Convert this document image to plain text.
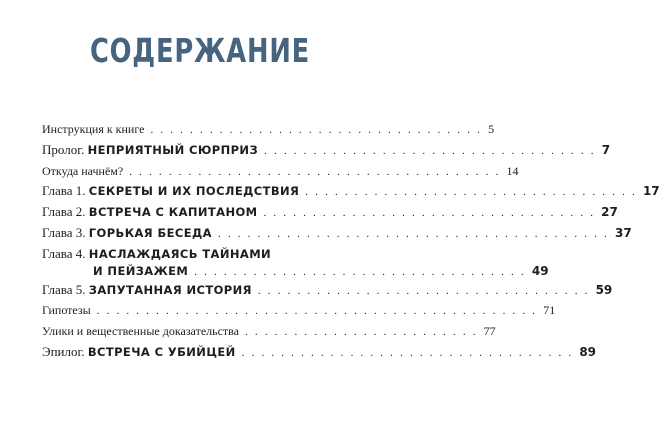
СОДЕРЖАНИЕ
Инструкция к книге . . . . . . . . . . . . . . . . . . . . . . . . . . . . . . . . . . 5
Пролог. НЕПРИЯТНЫЙ СЮРПРИЗ . . . . . . . . . . . . . . . . . . . . . . . . . . . . . . . . . . 7
Откуда начнём? . . . . . . . . . . . . . . . . . . . . . . . . . . . . . . . . . . . . . . 14
Глава 1. СЕКРЕТЫ И ИХ ПОСЛЕДСТВИЯ . . . . . . . . . . . . . . . . . . . . . . . . . . . . . . . . . . 17
Глава 2. ВСТРЕЧА С КАПИТАНОМ . . . . . . . . . . . . . . . . . . . . . . . . . . . . . . . . . . 27
Глава 3. ГОРЬКАЯ БЕСЕДА . . . . . . . . . . . . . . . . . . . . . . . . . . . . . . . . . . . . . . . . 37
Глава 4. НАСЛАЖДАЯСЬ ТАЙНАМИ
И ПЕЙЗАЖЕМ . . . . . . . . . . . . . . . . . . . . . . . . . . . . . . . . . . 49
Глава 5. ЗАПУТАННАЯ ИСТОРИЯ . . . . . . . . . . . . . . . . . . . . . . . . . . . . . . . . . . 59
Гипотезы . . . . . . . . . . . . . . . . . . . . . . . . . . . . . . . . . . . . . . . . . . . . . 71
Улики и вещественные доказательства . . . . . . . . . . . . . . . . . . . . . . . . 77
Эпилог. ВСТРЕЧА С УБИЙЦЕЙ . . . . . . . . . . . . . . . . . . . . . . . . . . . . . . . . . . 89
